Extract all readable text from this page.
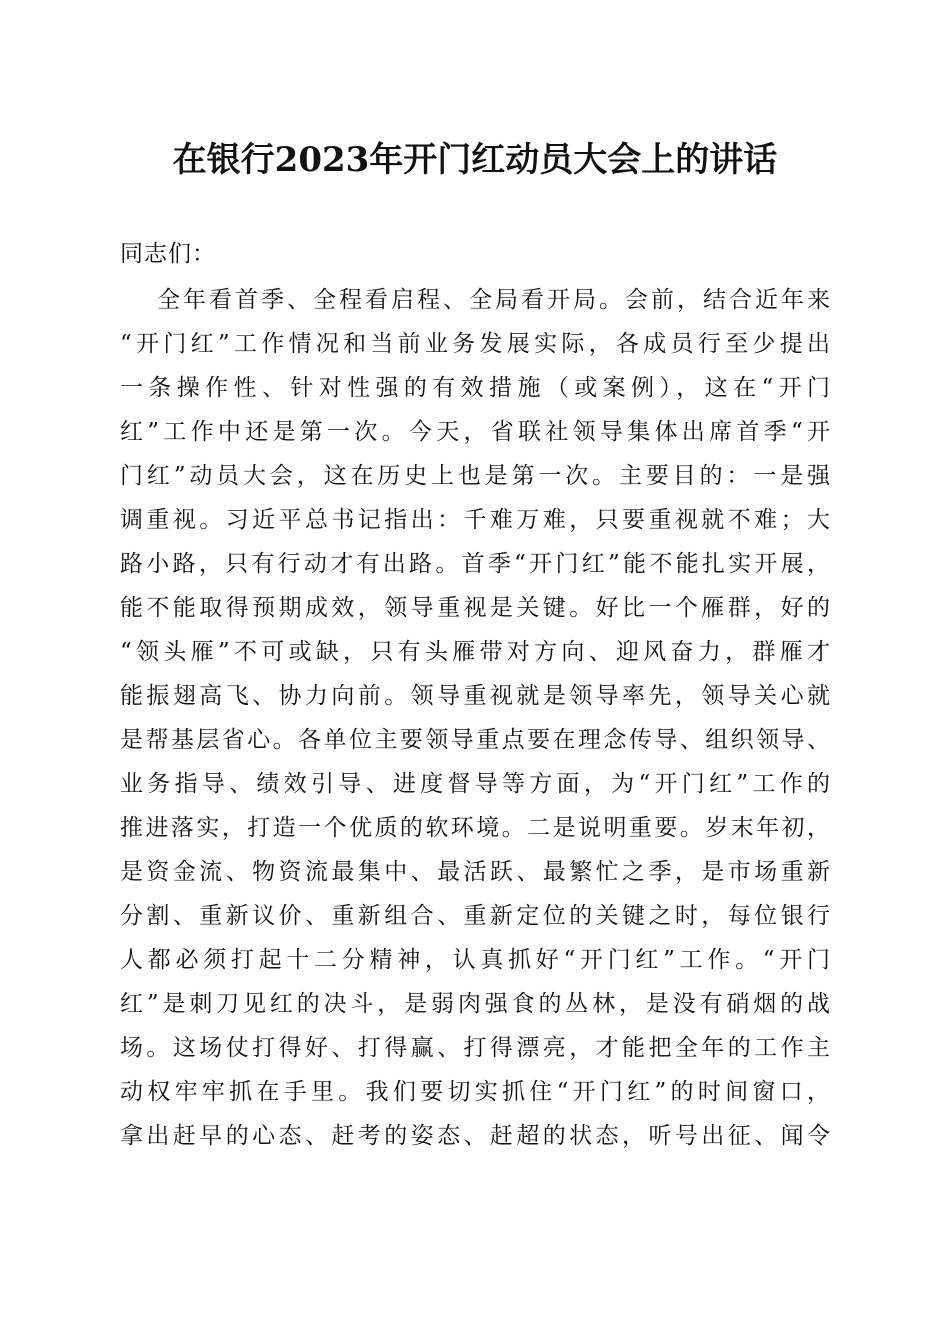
在银行2023年开门红动员大会上的讲话

同志们：

全年看首季、全程看启程、全局看开局。会前，结合近年来
“开门红”工作情况和当前业务发展实际，各成员行至少提出
一条操作性、针对性强的有效措施（或案例），这在“开门
红”工作中还是第一次。今天，省联社领导集体出席首季“开
门红”动员大会，这在历史上也是第一次。主要目的：一是强
调重视。习近平总书记指出：千难万难，只要重视就不难；大
路小路，只有行动才有出路。首季“开门红”能不能扎实开展，
能不能取得预期成效，领导重视是关键。好比一个雁群，好的
“领头雁”不可或缺，只有头雁带对方向、迎风奋力，群雁才
能振翅高飞、协力向前。领导重视就是领导率先，领导关心就
是帮基层省心。各单位主要领导重点要在理念传导、组织领导、
业务指导、绩效引导、进度督导等方面，为“开门红”工作的
推进落实，打造一个优质的软环境。二是说明重要。岁末年初，
是资金流、物资流最集中、最活跃、最繁忙之季，是市场重新
分割、重新议价、重新组合、重新定位的关键之时，每位银行
人都必须打起十二分精神，认真抓好“开门红”工作。“开门
红”是刺刀见红的决斗，是弱肉强食的丛林，是没有硝烟的战
场。这场仗打得好、打得赢、打得漂亮，才能把全年的工作主
动权牢牢抓在手里。我们要切实抓住“开门红”的时间窗口，
拿出赶早的心态、赶考的姿态、赶超的状态，听号出征、闻令
